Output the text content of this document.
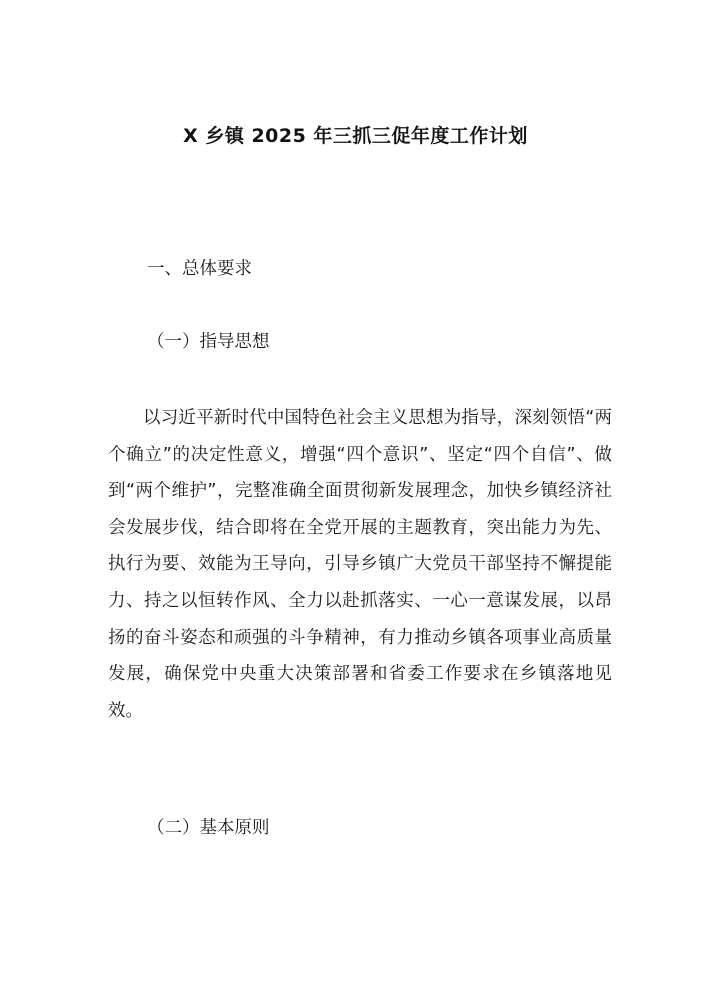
X 乡镇 2025 年三抓三促年度工作计划
一、总体要求
（一）指导思想

以习近平新时代中国特色社会主义思想为指导，深刻领悟“两个确立”的决定性意义，增强“四个意识”、坚定“四个自信”、做到“两个维护”，完整准确全面贯彻新发展理念，加快乡镇经济社会发展步伐，结合即将在全党开展的主题教育，突出能力为先、执行为要、效能为王导向，引导乡镇广大党员干部坚持不懈提能力、持之以恒转作风、全力以赴抓落实、一心一意谋发展，以昂扬的奋斗姿态和顽强的斗争精神，有力推动乡镇各项事业高质量发展，确保党中央重大决策部署和省委工作要求在乡镇落地见效。

（二）基本原则
